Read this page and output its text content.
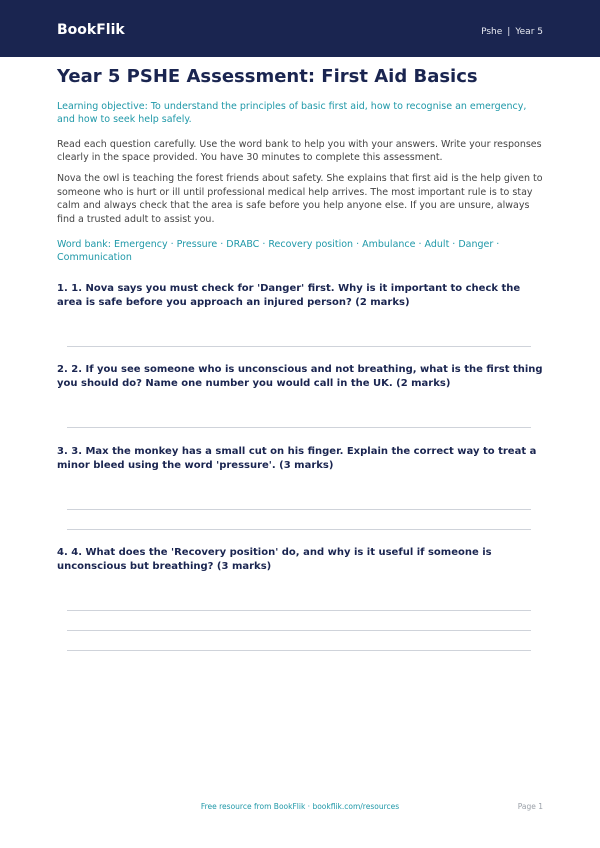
BookFlik	Pshe | Year 5
Year 5 PSHE Assessment: First Aid Basics
Learning objective: To understand the principles of basic first aid, how to recognise an emergency, and how to seek help safely.
Read each question carefully. Use the word bank to help you with your answers. Write your responses clearly in the space provided. You have 30 minutes to complete this assessment.
Nova the owl is teaching the forest friends about safety. She explains that first aid is the help given to someone who is hurt or ill until professional medical help arrives. The most important rule is to stay calm and always check that the area is safe before you help anyone else. If you are unsure, always find a trusted adult to assist you.
Word bank: Emergency · Pressure · DRABC · Recovery position · Ambulance · Adult · Danger · Communication
1. 1. Nova says you must check for 'Danger' first. Why is it important to check the area is safe before you approach an injured person? (2 marks)
2. 2. If you see someone who is unconscious and not breathing, what is the first thing you should do? Name one number you would call in the UK. (2 marks)
3. 3. Max the monkey has a small cut on his finger. Explain the correct way to treat a minor bleed using the word 'pressure'. (3 marks)
4. 4. What does the 'Recovery position' do, and why is it useful if someone is unconscious but breathing? (3 marks)
Free resource from BookFlik · bookflik.com/resources	Page 1
